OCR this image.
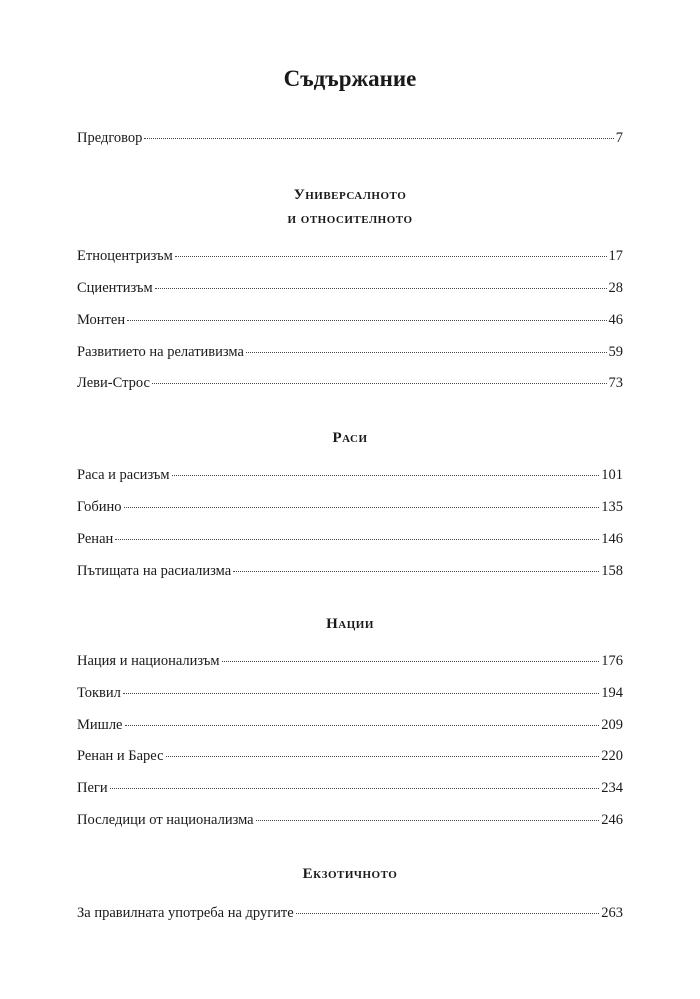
Съдържание
Предговор	7
Универсалното
и относителното
Етноцентризъм	17
Сциентизъм	28
Монтен	46
Развитието на релативизма	59
Леви-Строс	73
Раси
Раса и расизъм	101
Гобино	135
Ренан	146
Пътищата на расиализма	158
Нации
Нация и национализъм	176
Токвил	194
Мишле	209
Ренан и Барес	220
Пеги	234
Последици от национализма	246
Екзотичното
За правилната употреба на другите	263
